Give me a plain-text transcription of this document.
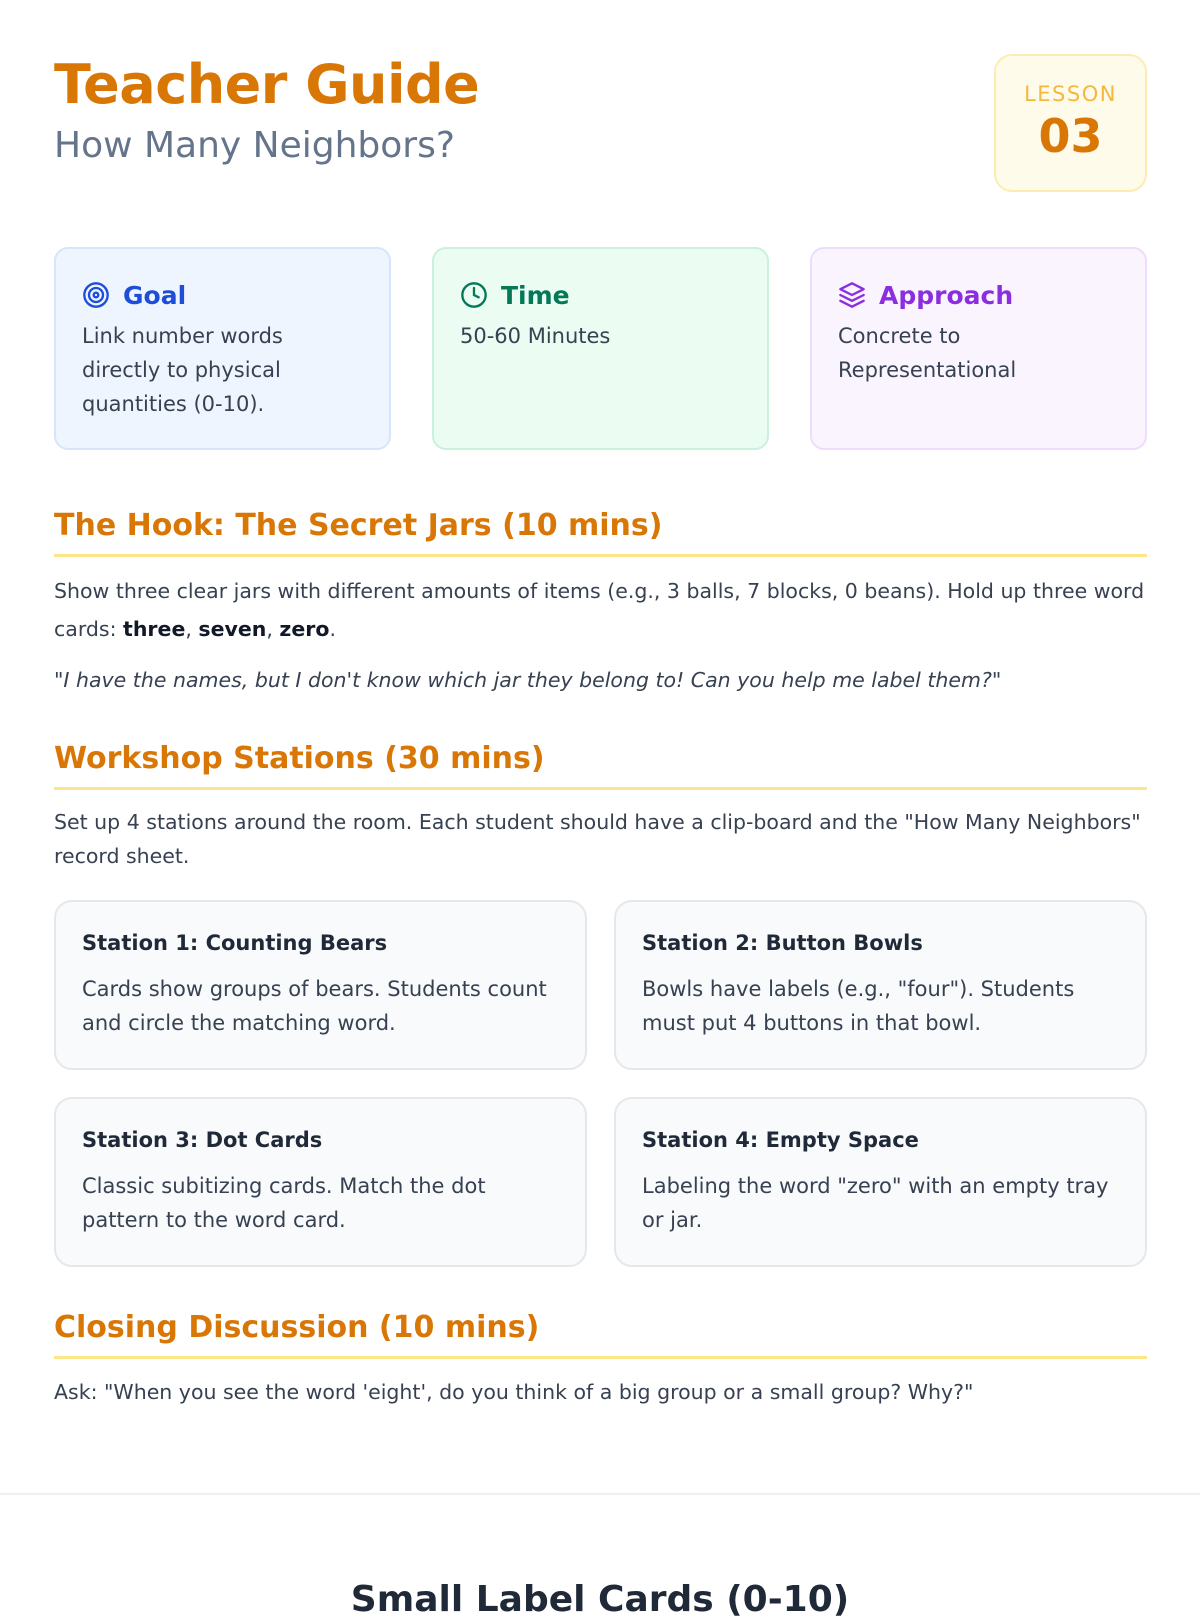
Teacher Guide
How Many Neighbors?
LESSON
03
Goal
Link number words directly to physical quantities (0-10).
Time
50-60 Minutes
Approach
Concrete to Representational
The Hook: The Secret Jars (10 mins)

Show three clear jars with different amounts of items (e.g., 3 balls, 7 blocks, 0 beans). Hold up three word cards: three, seven, zero.

"I have the names, but I don't know which jar they belong to! Can you help me label them?"

Workshop Stations (30 mins)

Set up 4 stations around the room. Each student should have a clip-board and the "How Many Neighbors" record sheet.

Station 1: Counting Bears

Cards show groups of bears. Students count and circle the matching word.

Station 2: Button Bowls

Bowls have labels (e.g., "four"). Students must put 4 buttons in that bowl.

Station 3: Dot Cards

Classic subitizing cards. Match the dot pattern to the word card.

Station 4: Empty Space

Labeling the word "zero" with an empty tray or jar.

Closing Discussion (10 mins)

Ask: "When you see the word 'eight', do you think of a big group or a small group? Why?"

Small Label Cards (0-10)
